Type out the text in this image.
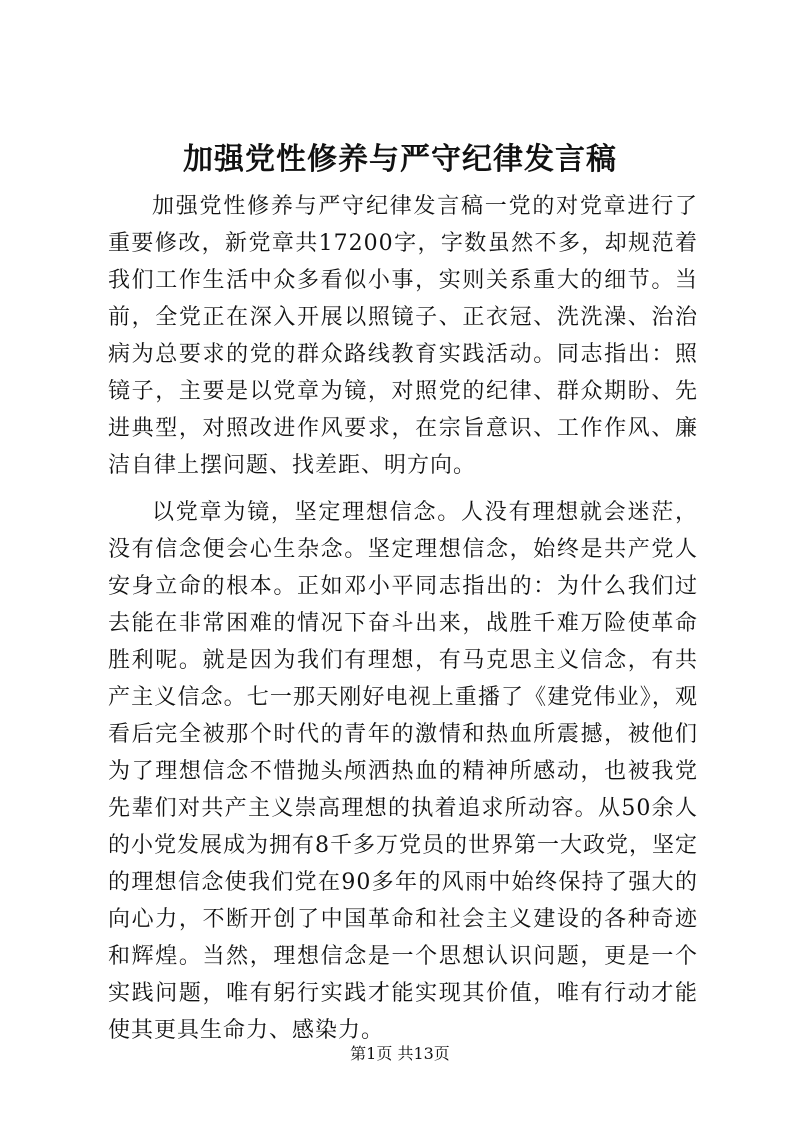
加强党性修养与严守纪律发言稿

加强党性修养与严守纪律发言稿一党的对党章进行了重要修改，新党章共17200字，字数虽然不多，却规范着我们工作生活中众多看似小事，实则关系重大的细节。当前，全党正在深入开展以照镜子、正衣冠、洗洗澡、治治病为总要求的党的群众路线教育实践活动。同志指出：照镜子，主要是以党章为镜，对照党的纪律、群众期盼、先进典型，对照改进作风要求，在宗旨意识、工作作风、廉洁自律上摆问题、找差距、明方向。

以党章为镜，坚定理想信念。人没有理想就会迷茫，没有信念便会心生杂念。坚定理想信念，始终是共产党人安身立命的根本。正如邓小平同志指出的：为什么我们过去能在非常困难的情况下奋斗出来，战胜千难万险使革命胜利呢。就是因为我们有理想，有马克思主义信念，有共产主义信念。七一那天刚好电视上重播了《建党伟业》，观看后完全被那个时代的青年的激情和热血所震撼，被他们为了理想信念不惜抛头颅洒热血的精神所感动，也被我党先辈们对共产主义崇高理想的执着追求所动容。从50余人的小党发展成为拥有8千多万党员的世界第一大政党，坚定的理想信念使我们党在90多年的风雨中始终保持了强大的向心力，不断开创了中国革命和社会主义建设的各种奇迹和辉煌。当然，理想信念是一个思想认识问题，更是一个实践问题，唯有躬行实践才能实现其价值，唯有行动才能使其更具生命力、感染力。

第1页 共13页
